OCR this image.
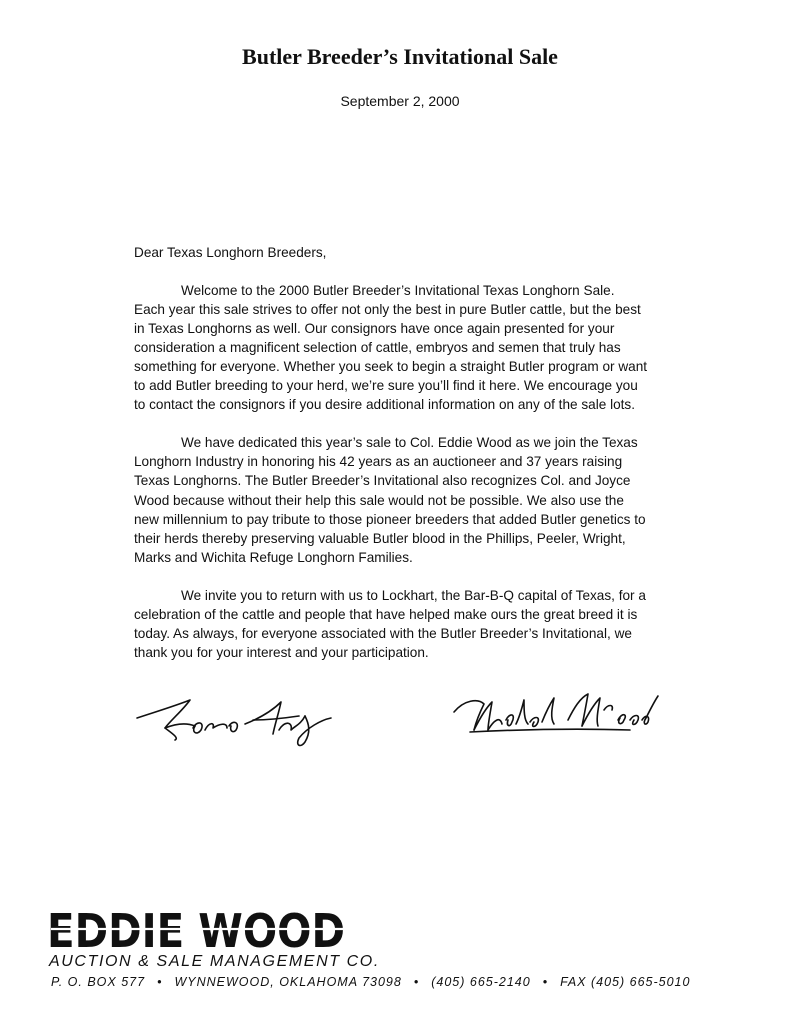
Butler Breeder’s Invitational Sale
September 2, 2000

Dear Texas Longhorn Breeders,

Welcome to the 2000 Butler Breeder’s Invitational Texas Longhorn Sale. Each year this sale strives to offer not only the best in pure Butler cattle, but the best in Texas Longhorns as well. Our consignors have once again presented for your consideration a magnificent selection of cattle, embryos and semen that truly has something for everyone. Whether you seek to begin a straight Butler program or want to add Butler breeding to your herd, we’re sure you’ll find it here. We encourage you to contact the consignors if you desire additional information on any of the sale lots.

We have dedicated this year’s sale to Col. Eddie Wood as we join the Texas Longhorn Industry in honoring his 42 years as an auctioneer and 37 years raising Texas Longhorns. The Butler Breeder’s Invitational also recognizes Col. and Joyce Wood because without their help this sale would not be possible. We also use the new millennium to pay tribute to those pioneer breeders that added Butler genetics to their herds thereby preserving valuable Butler blood in the Phillips, Peeler, Wright, Marks and Wichita Refuge Longhorn Families.

We invite you to return with us to Lockhart, the Bar-B-Q capital of Texas, for a celebration of the cattle and people that have helped make ours the great breed it is today. As always, for everyone associated with the Butler Breeder’s Invitational, we thank you for your interest and your participation.

EDDIE WOOD
AUCTION & SALE MANAGEMENT CO.
P. O. BOX 577 • WYNNEWOOD, OKLAHOMA 73098 • (405) 665-2140 • FAX (405) 665-5010
